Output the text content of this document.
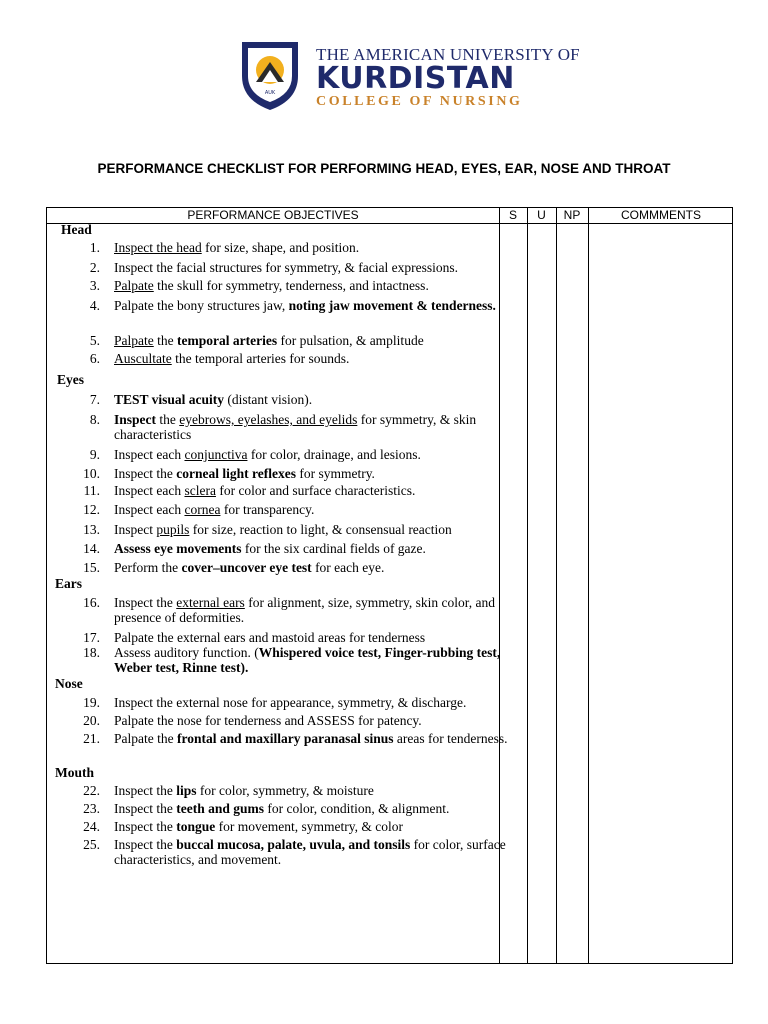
AUK
THE AMERICAN UNIVERSITY OF
KURDISTAN
COLLEGE OF NURSING
PERFORMANCE CHECKLIST FOR PERFORMING HEAD, EYES, EAR, NOSE AND THROAT
PERFORMANCE OBJECTIVES	S	U	NP	COMMMENTS
Head
1. Inspect the head for size, shape, and position.
2. Inspect the facial structures for symmetry, & facial expressions.
3. Palpate the skull for symmetry, tenderness, and intactness.
4. Palpate the bony structures jaw, noting jaw movement & tenderness.
5. Palpate the temporal arteries for pulsation, & amplitude
6. Auscultate the temporal arteries for sounds.
Eyes
7. TEST visual acuity (distant vision).
8. Inspect the eyebrows, eyelashes, and eyelids for symmetry, & skin characteristics
9. Inspect each conjunctiva for color, drainage, and lesions.
10. Inspect the corneal light reflexes for symmetry.
11. Inspect each sclera for color and surface characteristics.
12. Inspect each cornea for transparency.
13. Inspect pupils for size, reaction to light, & consensual reaction
14. Assess eye movements for the six cardinal fields of gaze.
15. Perform the cover–uncover eye test for each eye.
Ears
16. Inspect the external ears for alignment, size, symmetry, skin color, and presence of deformities.
17. Palpate the external ears and mastoid areas for tenderness
18. Assess auditory function. (Whispered voice test, Finger-rubbing test, Weber test, Rinne test).
Nose
19. Inspect the external nose for appearance, symmetry, & discharge.
20. Palpate the nose for tenderness and ASSESS for patency.
21. Palpate the frontal and maxillary paranasal sinus areas for tenderness.
Mouth
22. Inspect the lips for color, symmetry, & moisture
23. Inspect the teeth and gums for color, condition, & alignment.
24. Inspect the tongue for movement, symmetry, & color
25. Inspect the buccal mucosa, palate, uvula, and tonsils for color, surface characteristics, and movement.
